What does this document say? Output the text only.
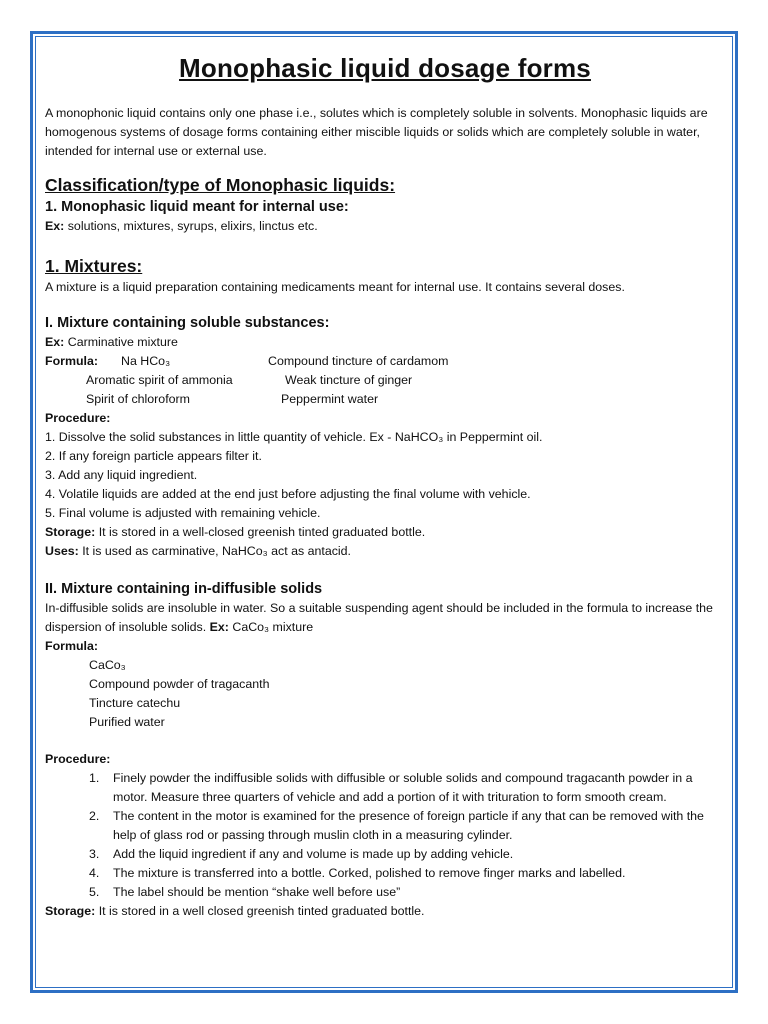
Monophasic liquid dosage forms

A monophonic liquid contains only one phase i.e., solutes which is completely soluble in solvents. Monophasic liquids are homogenous systems of dosage forms containing either miscible liquids or solids which are completely soluble in water, intended for internal use or external use.

Classification/type of Monophasic liquids:
1. Monophasic liquid meant for internal use:

Ex: solutions, mixtures, syrups, elixirs, linctus etc.

1. Mixtures:

A mixture is a liquid preparation containing medicaments meant for internal use. It contains several doses.

I. Mixture containing soluble substances:

Ex: Carminative mixture

Formula:	Na HCo₃	Compound tincture of cardamom
Aromatic spirit of ammonia	Weak tincture of ginger
Spirit of chloroform	Peppermint water
Procedure:

1. Dissolve the solid substances in little quantity of vehicle. Ex - NaHCO₃ in Peppermint oil.

2. If any foreign particle appears filter it.

3. Add any liquid ingredient.

4. Volatile liquids are added at the end just before adjusting the final volume with vehicle.

5. Final volume is adjusted with remaining vehicle.

Storage: It is stored in a well-closed greenish tinted graduated bottle.

Uses: It is used as carminative, NaHCo₃ act as antacid.

II. Mixture containing in-diffusible solids

In-diffusible solids are insoluble in water. So a suitable suspending agent should be included in the formula to increase the dispersion of insoluble solids. Ex: CaCo₃ mixture

Formula:
CaCo₃
Compound powder of tragacanth
Tincture catechu
Purified water
Procedure:
1. Finely powder the indiffusible solids with diffusible or soluble solids and compound tragacanth powder in a motor. Measure three quarters of vehicle and add a portion of it with trituration to form smooth cream.
2. The content in the motor is examined for the presence of foreign particle if any that can be removed with the help of glass rod or passing through muslin cloth in a measuring cylinder.
3. Add the liquid ingredient if any and volume is made up by adding vehicle.
4. The mixture is transferred into a bottle. Corked, polished to remove finger marks and labelled.
5. The label should be mention “shake well before use”

Storage: It is stored in a well closed greenish tinted graduated bottle.
